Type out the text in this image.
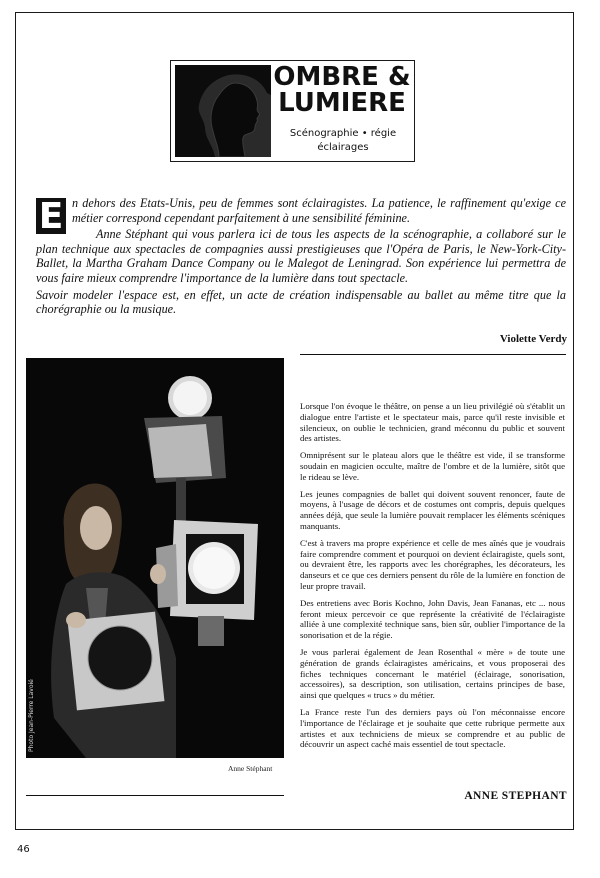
OMBRE &
LUMIERE
Scénographie • régie
éclairages

E n dehors des Etats-Unis, peu de femmes sont éclairagistes. La patience, le raffinement qu'exige ce métier correspond cependant parfaitement à une sensibilité féminine.

Anne Stéphant qui vous parlera ici de tous les aspects de la scénographie, a collaboré sur le plan technique aux spectacles de compagnies aussi prestigieuses que l'Opéra de Paris, le New-York-City-Ballet, la Martha Graham Dance Company ou le Malegot de Leningrad. Son expérience lui permettra de vous faire mieux comprendre l'importance de la lumière dans tout spectacle.

Savoir modeler l'espace est, en effet, un acte de création indispensable au ballet au même titre que la chorégraphie ou la musique.

Violette Verdy
Photo Jean-Pierre Lavoié
Anne Stéphant

Lorsque l'on évoque le théâtre, on pense a un lieu privilégié où s'établit un dialogue entre l'artiste et le spectateur mais, parce qu'il reste invisible et silencieux, on oublie le technicien, grand méconnu du public et souvent des artistes.

Omniprésent sur le plateau alors que le théâtre est vide, il se transforme soudain en magicien occulte, maître de l'ombre et de la lumière, sitôt que le rideau se lève.

Les jeunes compagnies de ballet qui doivent souvent renoncer, faute de moyens, à l'usage de décors et de costumes ont compris, depuis quelques années déjà, que seule la lumière pouvait remplacer les éléments scéniques manquants.

C'est à travers ma propre expérience et celle de mes aînés que je voudrais faire comprendre comment et pourquoi on devient éclairagiste, quels sont, ou devraient être, les rapports avec les chorégraphes, les décorateurs, les danseurs et ce que ces derniers pensent du rôle de la lumière en fonction de leur propre travail.

Des entretiens avec Boris Kochno, John Davis, Jean Fananas, etc ... nous feront mieux percevoir ce que représente la créativité de l'éclairagiste alliée à une complexité technique sans, bien sûr, oublier l'importance de la sonorisation et de la régie.

Je vous parlerai également de Jean Rosenthal « mère » de toute une génération de grands éclairagistes américains, et vous proposerai des fiches techniques concernant le matériel (éclairage, sonorisation, accessoires), sa description, son utilisation, certains principes de base, ainsi que quelques « trucs » du métier.

La France reste l'un des derniers pays où l'on méconnaisse encore l'importance de l'éclairage et je souhaite que cette rubrique permette aux artistes et aux techniciens de mieux se comprendre et au public de découvrir un aspect caché mais essentiel de tout spectacle.

ANNE STEPHANT
46
